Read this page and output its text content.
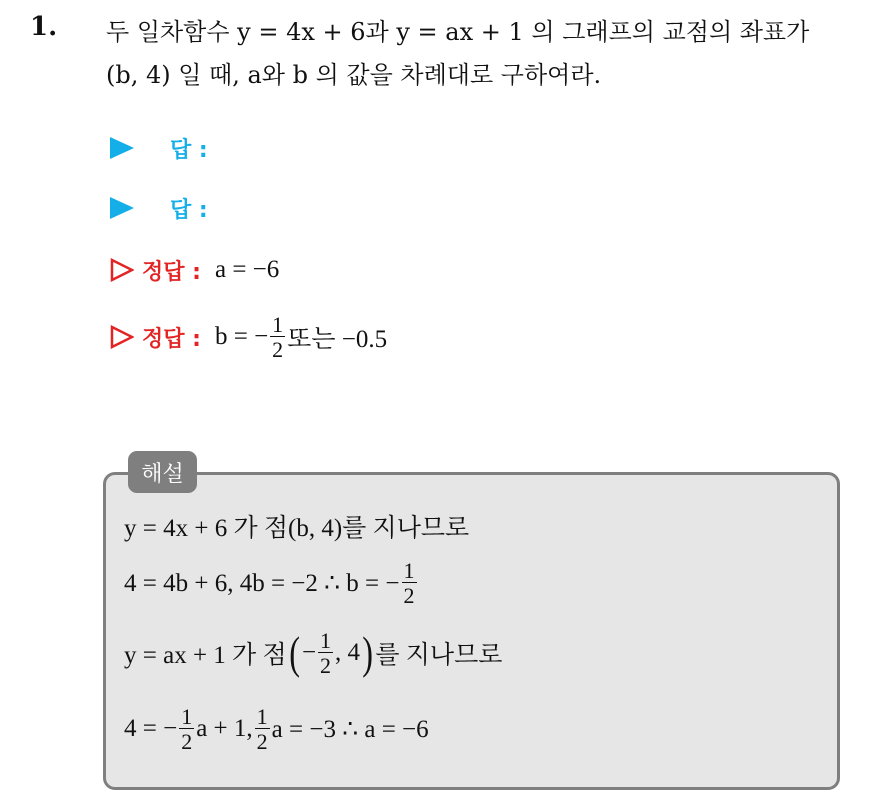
1. 두 일차함수 y = 4x + 6과 y = ax + 1 의 그래프의 교점의 좌표가
(b, 4) 일 때, a와 b 의 값을 차례대로 구하여라.
답 :
답 :
정답 : a = −6
정답 : b = − $\frac{1}{2}$ 또는 −0.5
해설
y = 4x + 6 가 점(b, 4)를 지나므로
4 = 4b + 6, 4b = −2 ∴ b = − $\frac{1}{2}$
y = ax + 1 가 점 ( − $\frac{1}{2}$ , 4 ) 를 지나므로
4 = − $\frac{1}{2}$ a + 1, $\frac{1}{2}$ a = −3 ∴ a = −6
